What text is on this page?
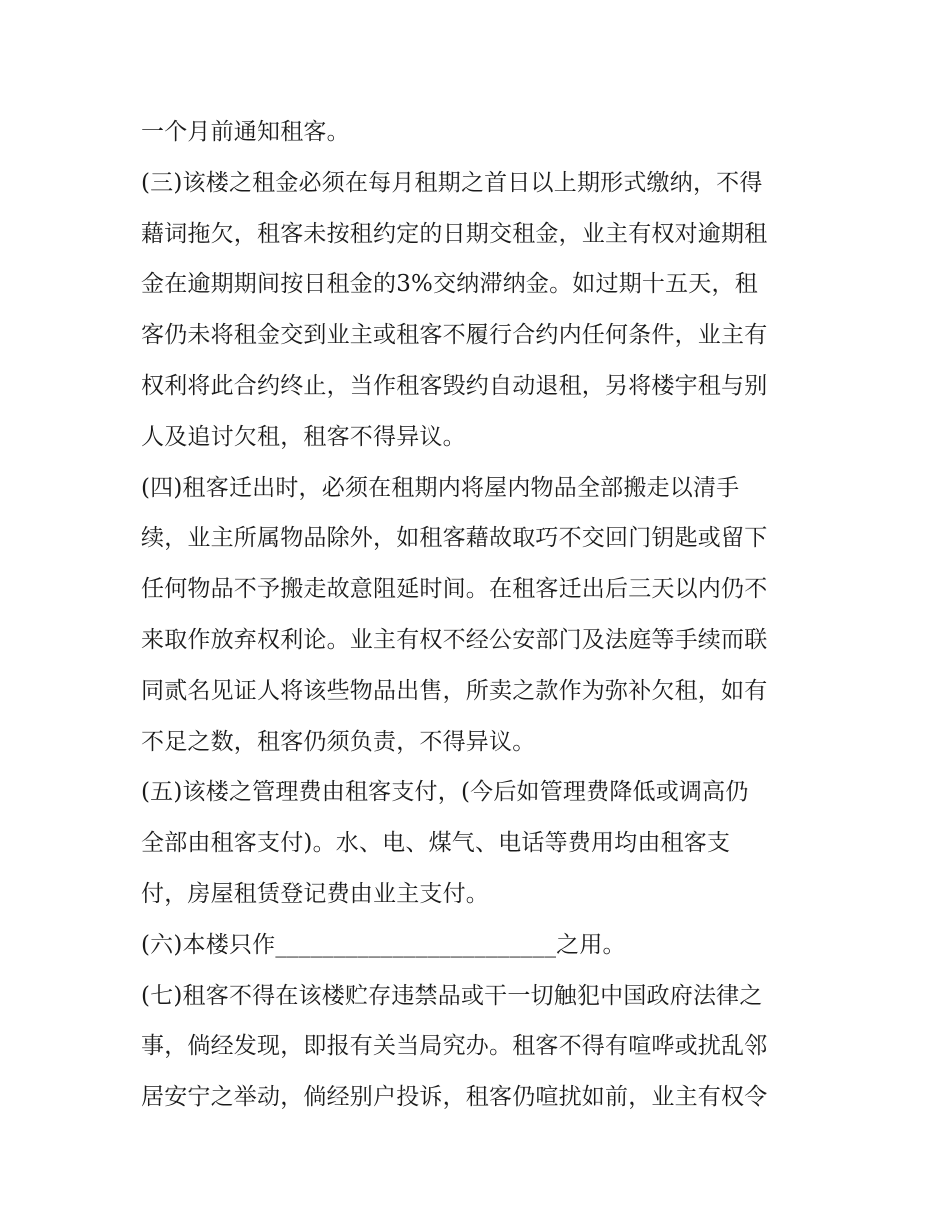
一个月前通知租客。
(三)该楼之租金必须在每月租期之首日以上期形式缴纳，不得
藉词拖欠，租客未按租约定的日期交租金，业主有权对逾期租
金在逾期期间按日租金的3%交纳滞纳金。如过期十五天，租
客仍未将租金交到业主或租客不履行合约内任何条件，业主有
权利将此合约终止，当作租客毁约自动退租，另将楼宇租与别
人及追讨欠租，租客不得异议。
(四)租客迁出时，必须在租期内将屋内物品全部搬走以清手
续，业主所属物品除外，如租客藉故取巧不交回门钥匙或留下
任何物品不予搬走故意阻延时间。在租客迁出后三天以内仍不
来取作放弃权利论。业主有权不经公安部门及法庭等手续而联
同贰名见证人将该些物品出售，所卖之款作为弥补欠租，如有
不足之数，租客仍须负责，不得异议。
(五)该楼之管理费由租客支付，(今后如管理费降低或调高仍
全部由租客支付)。水、电、煤气、电话等费用均由租客支
付，房屋租赁登记费由业主支付。
(六)本楼只作________________________之用。
(七)租客不得在该楼贮存违禁品或干一切触犯中国政府法律之
事，倘经发现，即报有关当局究办。租客不得有喧哗或扰乱邻
居安宁之举动，倘经别户投诉，租客仍喧扰如前，业主有权令
